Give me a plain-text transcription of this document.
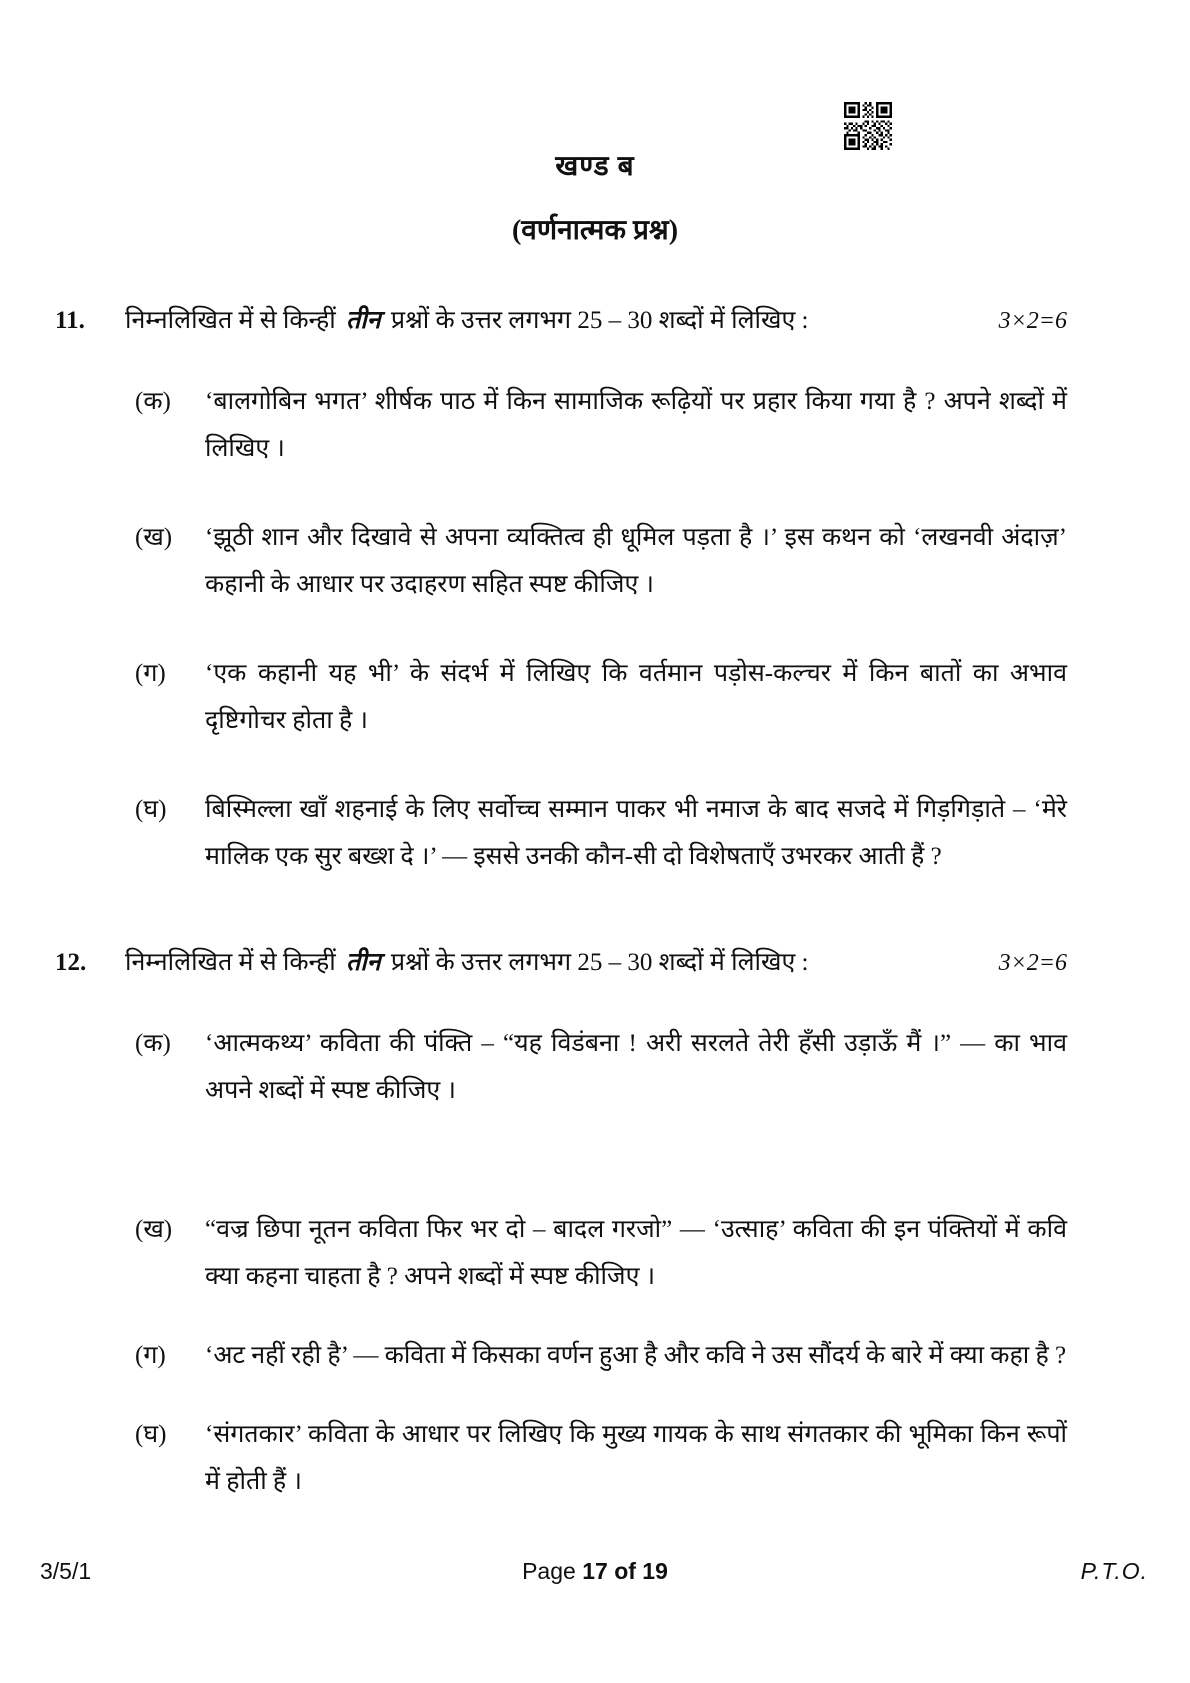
खण्ड ब
(वर्णनात्मक प्रश्न)
11.	निम्नलिखित में से किन्हीं तीन प्रश्नों के उत्तर लगभग 25 – 30 शब्दों में लिखिए :	3×2=6
(क)	‘बालगोबिन भगत’ शीर्षक पाठ में किन सामाजिक रूढ़ियों पर प्रहार किया गया है ? अपने शब्दों में लिखिए ।

(ख)	‘झूठी शान और दिखावे से अपना व्यक्तित्व ही धूमिल पड़ता है ।’ इस कथन को ‘लखनवी अंदाज़’ कहानी के आधार पर उदाहरण सहित स्पष्ट कीजिए ।

(ग)	‘एक कहानी यह भी’ के संदर्भ में लिखिए कि वर्तमान पड़ोस-कल्चर में किन बातों का अभाव दृष्टिगोचर होता है ।

(घ)	बिस्मिल्ला खाँ शहनाई के लिए सर्वोच्च सम्मान पाकर भी नमाज के बाद सजदे में गिड़गिड़ाते – ‘मेरे मालिक एक सुर बख्श दे ।’ — इससे उनकी कौन-सी दो विशेषताएँ उभरकर आती हैं ?

12.	निम्नलिखित में से किन्हीं तीन प्रश्नों के उत्तर लगभग 25 – 30 शब्दों में लिखिए :	3×2=6
(क)	‘आत्मकथ्य’ कविता की पंक्ति – “यह विडंबना ! अरी सरलते तेरी हँसी उड़ाऊँ मैं ।” — का भाव अपने शब्दों में स्पष्ट कीजिए ।

(ख)	“वज्र छिपा नूतन कविता फिर भर दो – बादल गरजो” — ‘उत्साह’ कविता की इन पंक्तियों में कवि क्या कहना चाहता है ? अपने शब्दों में स्पष्ट कीजिए ।

(ग)	‘अट नहीं रही है’ — कविता में किसका वर्णन हुआ है और कवि ने उस सौंदर्य के बारे में क्या कहा है ?

(घ)	‘संगतकार’ कविता के आधार पर लिखिए कि मुख्य गायक के साथ संगतकार की भूमिका किन रूपों में होती हैं ।

3/5/1	Page 17 of 19	P.T.O.
